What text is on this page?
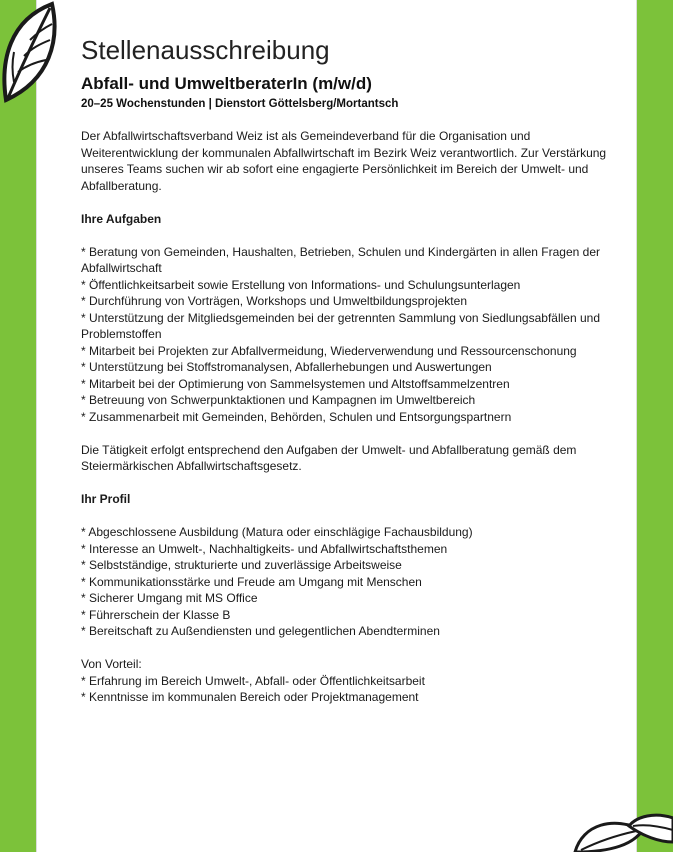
Stellenausschreibung
Abfall- und UmweltberaterIn (m/w/d)
20–25 Wochenstunden | Dienstort Göttelsberg/Mortantsch

Der Abfallwirtschaftsverband Weiz ist als Gemeindeverband für die Organisation und Weiterentwicklung der kommunalen Abfallwirtschaft im Bezirk Weiz verantwortlich. Zur Verstärkung unseres Teams suchen wir ab sofort eine engagierte Persönlichkeit im Bereich der Umwelt- und Abfallberatung.

Ihre Aufgaben
* Beratung von Gemeinden, Haushalten, Betrieben, Schulen und Kindergärten in allen Fragen der Abfallwirtschaft
* Öffentlichkeitsarbeit sowie Erstellung von Informations- und Schulungsunterlagen
* Durchführung von Vorträgen, Workshops und Umweltbildungsprojekten
* Unterstützung der Mitgliedsgemeinden bei der getrennten Sammlung von Siedlungsabfällen und Problemstoffen
* Mitarbeit bei Projekten zur Abfallvermeidung, Wiederverwendung und Ressourcenschonung
* Unterstützung bei Stoffstromanalysen, Abfallerhebungen und Auswertungen
* Mitarbeit bei der Optimierung von Sammelsystemen und Altstoffsammelzentren
* Betreuung von Schwerpunktaktionen und Kampagnen im Umweltbereich
* Zusammenarbeit mit Gemeinden, Behörden, Schulen und Entsorgungspartnern

Die Tätigkeit erfolgt entsprechend den Aufgaben der Umwelt- und Abfallberatung gemäß dem Steiermärkischen Abfallwirtschaftsgesetz.

Ihr Profil
* Abgeschlossene Ausbildung (Matura oder einschlägige Fachausbildung)
* Interesse an Umwelt-, Nachhaltigkeits- und Abfallwirtschaftsthemen
* Selbstständige, strukturierte und zuverlässige Arbeitsweise
* Kommunikationsstärke und Freude am Umgang mit Menschen
* Sicherer Umgang mit MS Office
* Führerschein der Klasse B
* Bereitschaft zu Außendiensten und gelegentlichen Abendterminen

Von Vorteil:

* Erfahrung im Bereich Umwelt-, Abfall- oder Öffentlichkeitsarbeit
* Kenntnisse im kommunalen Bereich oder Projektmanagement
